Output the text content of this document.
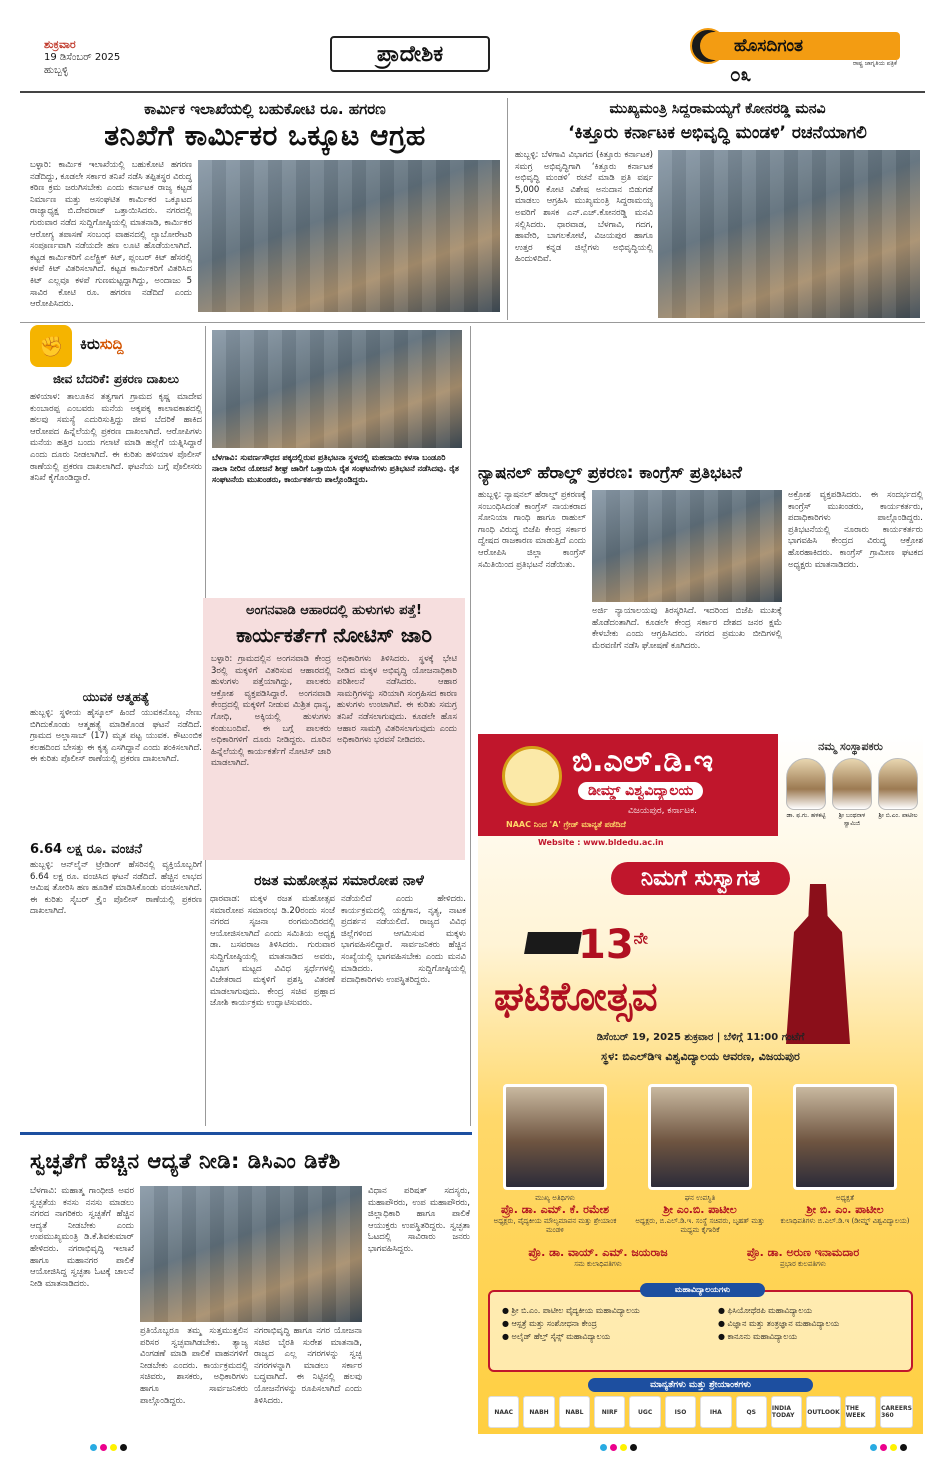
ಶುಕ್ರವಾರ
19 ಡಿಸೆಂಬರ್ 2025
ಹುಬ್ಬಳ್ಳಿ
ಪ್ರಾದೇಶಿಕ	ಹೊಸದಿಗಂತ
ರಾಷ್ಟ್ರ ಜಾಗೃತಿಯ ಪತ್ರಿಕೆ
೦೩
ಕಾರ್ಮಿಕ ಇಲಾಖೆಯಲ್ಲಿ ಬಹುಕೋಟಿ ರೂ. ಹಗರಣ
ತನಿಖೆಗೆ ಕಾರ್ಮಿಕರ ಒಕ್ಕೂಟ ಆಗ್ರಹ
ಬಳ್ಳಾರಿ: ಕಾರ್ಮಿಕ ಇಲಾಖೆಯಲ್ಲಿ ಬಹುಕೋಟಿ ಹಗರಣ ನಡೆದಿದ್ದು, ಕೂಡಲೇ ಸರ್ಕಾರ ತನಿಖೆ ನಡೆಸಿ ತಪ್ಪಿತಸ್ಥರ ವಿರುದ್ಧ ಕಠಿಣ ಕ್ರಮ ಜರುಗಿಸಬೇಕು ಎಂದು ಕರ್ನಾಟಕ ರಾಜ್ಯ ಕಟ್ಟಡ ನಿರ್ಮಾಣ ಮತ್ತು ಅಸಂಘಟಿತ ಕಾರ್ಮಿಕರ ಒಕ್ಕೂಟದ ರಾಜ್ಯಾಧ್ಯಕ್ಷ ಬಿ.ದೇವರಾಜ್ ಒತ್ತಾಯಿಸಿದರು. ನಗರದಲ್ಲಿ ಗುರುವಾರ ನಡೆದ ಸುದ್ದಿಗೋಷ್ಠಿಯಲ್ಲಿ ಮಾತನಾಡಿ, ಕಾರ್ಮಿಕರ ಆರೋಗ್ಯ ತಪಾಸಣೆ ಸಂಬಂಧ ವಾಹನದಲ್ಲಿ ಲ್ಯಾಬೋರೇಟರಿ ಸಂಪೂರ್ಣವಾಗಿ ನಡೆಯದೇ ಹಣ ಲೂಟಿ ಹೊಡೆಯಲಾಗಿದೆ. ಕಟ್ಟಡ ಕಾರ್ಮಿಕರಿಗೆ ಎಲೆಕ್ಟ್ರಿಕ್ ಕಿಟ್, ಪ್ಲಂಬರ್ ಕಿಟ್ ಹೆಸರಲ್ಲಿ ಕಳಪೆ ಕಿಟ್ ವಿತರಿಸಲಾಗಿದೆ. ಕಟ್ಟಡ ಕಾರ್ಮಿಕರಿಗೆ ವಿತರಿಸಿದ ಕಿಟ್ ಎಲ್ಲವೂ ಕಳಪೆ ಗುಣಮಟ್ಟದ್ದಾಗಿದ್ದು, ಅಂದಾಜು 5 ಸಾವಿರ ಕೋಟಿ ರೂ. ಹಗರಣ ನಡೆದಿದೆ ಎಂದು ಆರೋಪಿಸಿದರು.
ಮುಖ್ಯಮಂತ್ರಿ ಸಿದ್ದರಾಮಯ್ಯಗೆ ಕೋನರಡ್ಡಿ ಮನವಿ
‘ಕಿತ್ತೂರು ಕರ್ನಾಟಕ ಅಭಿವೃದ್ಧಿ ಮಂಡಳಿ’ ರಚನೆಯಾಗಲಿ
ಹುಬ್ಬಳ್ಳಿ: ಬೆಳಗಾವಿ ವಿಭಾಗದ (ಕಿತ್ತೂರು ಕರ್ನಾಟಕ) ಸಮಗ್ರ ಅಭಿವೃದ್ಧಿಗಾಗಿ ‘ಕಿತ್ತೂರು ಕರ್ನಾಟಕ ಅಭಿವೃದ್ಧಿ ಮಂಡಳಿ’ ರಚನೆ ಮಾಡಿ ಪ್ರತಿ ವರ್ಷ 5,000 ಕೋಟಿ ವಿಶೇಷ ಅನುದಾನ ಬಿಡುಗಡೆ ಮಾಡಲು ಆಗ್ರಹಿಸಿ ಮುಖ್ಯಮಂತ್ರಿ ಸಿದ್ದರಾಮಯ್ಯ ಅವರಿಗೆ ಶಾಸಕ ಎನ್.ಎಚ್.ಕೋನರಡ್ಡಿ ಮನವಿ ಸಲ್ಲಿಸಿದರು. ಧಾರವಾಡ, ಬೆಳಗಾವಿ, ಗದಗ, ಹಾವೇರಿ, ಬಾಗಲಕೋಟೆ, ವಿಜಯಪುರ ಹಾಗೂ ಉತ್ತರ ಕನ್ನಡ ಜಿಲ್ಲೆಗಳು ಅಭಿವೃದ್ಧಿಯಲ್ಲಿ ಹಿಂದುಳಿದಿವೆ.
✊	ಕಿರುಸುದ್ದಿ
ಜೀವ ಬೆದರಿಕೆ: ಪ್ರಕರಣ ದಾಖಲು
ಹಳಿಯಾಳ: ತಾಲೂಕಿನ ತತ್ವಗಾಗ ಗ್ರಾಮದ ಕೃಷ್ಣ ಮಾದೇವ ಕುಂಬಾರಪ್ಪ ಎಂಬವರು ಮನೆಯ ಅಕ್ಕಪಕ್ಕ ಕಾಲಾವಕಾಶದಲ್ಲಿ ಹಲವು ಸಮಸ್ಯೆ ಎದುರಿಸುತ್ತಿದ್ದು ಜೀವ ಬೆದರಿಕೆ ಹಾಕಿದ ಆರೋಪದ ಹಿನ್ನೆಲೆಯಲ್ಲಿ ಪ್ರಕರಣ ದಾಖಲಾಗಿದೆ. ಆರೋಪಿಗಳು ಮನೆಯ ಹತ್ತಿರ ಬಂದು ಗಲಾಟೆ ಮಾಡಿ ಹಲ್ಲೆಗೆ ಯತ್ನಿಸಿದ್ದಾರೆ ಎಂದು ದೂರು ನೀಡಲಾಗಿದೆ. ಈ ಕುರಿತು ಹಳಿಯಾಳ ಪೊಲೀಸ್ ಠಾಣೆಯಲ್ಲಿ ಪ್ರಕರಣ ದಾಖಲಾಗಿದೆ. ಘಟನೆಯ ಬಗ್ಗೆ ಪೊಲೀಸರು ತನಿಖೆ ಕೈಗೊಂಡಿದ್ದಾರೆ.
ಯುವಕ ಆತ್ಮಹತ್ಯೆ
ಹುಬ್ಬಳ್ಳಿ: ಸ್ಥಳೀಯ ಹೈಸ್ಕೂಲ್ ಹಿಂದೆ ಯುವಕನೊಬ್ಬ ನೇಣು ಬಿಗಿದುಕೊಂಡು ಆತ್ಮಹತ್ಯೆ ಮಾಡಿಕೊಂಡ ಘಟನೆ ನಡೆದಿದೆ. ಗ್ರಾಮದ ಅಲ್ಲಾಸಾಬ್ (17) ಮೃತ ಪಟ್ಟ ಯುವಕ. ಕೌಟುಂಬಿಕ ಕಲಹದಿಂದ ಬೇಸತ್ತು ಈ ಕೃತ್ಯ ಎಸಗಿದ್ದಾನೆ ಎಂದು ಶಂಕಿಸಲಾಗಿದೆ. ಈ ಕುರಿತು ಪೊಲೀಸ್ ಠಾಣೆಯಲ್ಲಿ ಪ್ರಕರಣ ದಾಖಲಾಗಿದೆ.
6.64 ಲಕ್ಷ ರೂ. ವಂಚನೆ
ಹುಬ್ಬಳ್ಳಿ: ಆನ್‌ಲೈನ್ ಟ್ರೇಡಿಂಗ್ ಹೆಸರಿನಲ್ಲಿ ವ್ಯಕ್ತಿಯೊಬ್ಬರಿಗೆ 6.64 ಲಕ್ಷ ರೂ. ವಂಚಿಸಿದ ಘಟನೆ ನಡೆದಿದೆ. ಹೆಚ್ಚಿನ ಲಾಭದ ಆಮಿಷ ತೋರಿಸಿ ಹಣ ಹೂಡಿಕೆ ಮಾಡಿಸಿಕೊಂಡು ವಂಚಿಸಲಾಗಿದೆ. ಈ ಕುರಿತು ಸೈಬರ್ ಕ್ರೈಂ ಪೊಲೀಸ್ ಠಾಣೆಯಲ್ಲಿ ಪ್ರಕರಣ ದಾಖಲಾಗಿದೆ.
ಬೆಳಗಾವಿ: ಸುವರ್ಣಸೌಧದ ಪಕ್ಕದಲ್ಲಿರುವ ಪ್ರತಿಭಟನಾ ಸ್ಥಳದಲ್ಲಿ ಮಹದಾಯಿ ಕಳಸಾ ಬಂಡೂರಿ ನಾಲಾ ನೀರಿನ ಯೋಜನೆ ಶೀಘ್ರ ಜಾರಿಗೆ ಒತ್ತಾಯಿಸಿ ರೈತ ಸಂಘಟನೆಗಳು ಪ್ರತಿಭಟನೆ ನಡೆಸಿದವು. ರೈತ ಸಂಘಟನೆಯ ಮುಖಂಡರು, ಕಾರ್ಯಕರ್ತರು ಪಾಲ್ಗೊಂಡಿದ್ದರು.
ಅಂಗನವಾಡಿ ಆಹಾರದಲ್ಲಿ ಹುಳುಗಳು ಪತ್ತೆ!
ಕಾರ್ಯಕರ್ತೆಗೆ ನೋಟಿಸ್ ಜಾರಿ
ಬಳ್ಳಾರಿ: ಗ್ರಾಮದಲ್ಲಿನ ಅಂಗನವಾಡಿ ಕೇಂದ್ರ 3ರಲ್ಲಿ ಮಕ್ಕಳಿಗೆ ವಿತರಿಸುವ ಆಹಾರದಲ್ಲಿ ಹುಳುಗಳು ಪತ್ತೆಯಾಗಿದ್ದು, ಪಾಲಕರು ಆಕ್ರೋಶ ವ್ಯಕ್ತಪಡಿಸಿದ್ದಾರೆ. ಅಂಗನವಾಡಿ ಕೇಂದ್ರದಲ್ಲಿ ಮಕ್ಕಳಿಗೆ ನೀಡುವ ಮಿಶ್ರಿತ ಧಾನ್ಯ, ಗೋಧಿ, ಅಕ್ಕಿಯಲ್ಲಿ ಹುಳುಗಳು ಕಂಡುಬಂದಿವೆ. ಈ ಬಗ್ಗೆ ಪಾಲಕರು ಅಧಿಕಾರಿಗಳಿಗೆ ದೂರು ನೀಡಿದ್ದರು. ದೂರಿನ ಹಿನ್ನೆಲೆಯಲ್ಲಿ ಕಾರ್ಯಕರ್ತೆಗೆ ನೋಟಿಸ್ ಜಾರಿ ಮಾಡಲಾಗಿದೆ.
ಅಧಿಕಾರಿಗಳು ತಿಳಿಸಿದರು. ಸ್ಥಳಕ್ಕೆ ಭೇಟಿ ನೀಡಿದ ಮಕ್ಕಳ ಅಭಿವೃದ್ಧಿ ಯೋಜನಾಧಿಕಾರಿ ಪರಿಶೀಲನೆ ನಡೆಸಿದರು. ಆಹಾರ ಸಾಮಗ್ರಿಗಳನ್ನು ಸರಿಯಾಗಿ ಸಂಗ್ರಹಿಸದ ಕಾರಣ ಹುಳುಗಳು ಉಂಟಾಗಿವೆ. ಈ ಕುರಿತು ಸಮಗ್ರ ತನಿಖೆ ನಡೆಸಲಾಗುವುದು. ಕೂಡಲೇ ಹೊಸ ಆಹಾರ ಸಾಮಗ್ರಿ ವಿತರಿಸಲಾಗುವುದು ಎಂದು ಅಧಿಕಾರಿಗಳು ಭರವಸೆ ನೀಡಿದರು.
ರಜತ ಮಹೋತ್ಸವ ಸಮಾರೋಪ ನಾಳೆ
ಧಾರವಾಡ: ಮಕ್ಕಳ ರಜತ ಮಹೋತ್ಸವ ಸಮಾರೋಪ ಸಮಾರಂಭ ಡಿ.20ರಂದು ಸಂಜೆ ನಗರದ ಸೃಜನಾ ರಂಗಮಂದಿರದಲ್ಲಿ ಆಯೋಜಿಸಲಾಗಿದೆ ಎಂದು ಸಮಿತಿಯ ಅಧ್ಯಕ್ಷ ಡಾ. ಬಸವರಾಜ ತಿಳಿಸಿದರು. ಗುರುವಾರ ಸುದ್ದಿಗೋಷ್ಠಿಯಲ್ಲಿ ಮಾತನಾಡಿದ ಅವರು, ವಿಭಾಗ ಮಟ್ಟದ ವಿವಿಧ ಸ್ಪರ್ಧೆಗಳಲ್ಲಿ ವಿಜೇತರಾದ ಮಕ್ಕಳಿಗೆ ಪ್ರಶಸ್ತಿ ವಿತರಣೆ ಮಾಡಲಾಗುವುದು. ಕೇಂದ್ರ ಸಚಿವ ಪ್ರಹ್ಲಾದ ಜೋಶಿ ಕಾರ್ಯಕ್ರಮ ಉದ್ಘಾಟಿಸುವರು.
ನಡೆಯಲಿದೆ ಎಂದು ಹೇಳಿದರು. ಕಾರ್ಯಕ್ರಮದಲ್ಲಿ ಯಕ್ಷಗಾನ, ನೃತ್ಯ, ನಾಟಕ ಪ್ರದರ್ಶನ ನಡೆಯಲಿದೆ. ರಾಜ್ಯದ ವಿವಿಧ ಜಿಲ್ಲೆಗಳಿಂದ ಆಗಮಿಸುವ ಮಕ್ಕಳು ಭಾಗವಹಿಸಲಿದ್ದಾರೆ. ಸಾರ್ವಜನಿಕರು ಹೆಚ್ಚಿನ ಸಂಖ್ಯೆಯಲ್ಲಿ ಭಾಗವಹಿಸಬೇಕು ಎಂದು ಮನವಿ ಮಾಡಿದರು. ಸುದ್ದಿಗೋಷ್ಠಿಯಲ್ಲಿ ಪದಾಧಿಕಾರಿಗಳು ಉಪಸ್ಥಿತರಿದ್ದರು.
ನ್ಯಾಷನಲ್ ಹೆರಾಲ್ಡ್ ಪ್ರಕರಣ: ಕಾಂಗ್ರೆಸ್ ಪ್ರತಿಭಟನೆ
ಹುಬ್ಬಳ್ಳಿ: ನ್ಯಾಷನಲ್ ಹೆರಾಲ್ಡ್ ಪ್ರಕರಣಕ್ಕೆ ಸಂಬಂಧಿಸಿದಂತೆ ಕಾಂಗ್ರೆಸ್ ನಾಯಕರಾದ ಸೋನಿಯಾ ಗಾಂಧಿ ಹಾಗೂ ರಾಹುಲ್ ಗಾಂಧಿ ವಿರುದ್ಧ ಬಿಜೆಪಿ ಕೇಂದ್ರ ಸರ್ಕಾರ ದ್ವೇಷದ ರಾಜಕಾರಣ ಮಾಡುತ್ತಿದೆ ಎಂದು ಆರೋಪಿಸಿ ಜಿಲ್ಲಾ ಕಾಂಗ್ರೆಸ್ ಸಮಿತಿಯಿಂದ ಪ್ರತಿಭಟನೆ ನಡೆಯಿತು.
ಅರ್ಜಿ ನ್ಯಾಯಾಲಯವು ತಿರಸ್ಕರಿಸಿದೆ. ಇದರಿಂದ ಬಿಜೆಪಿ ಮುಖಕ್ಕೆ ಹೊಡೆದಂತಾಗಿದೆ. ಕೂಡಲೇ ಕೇಂದ್ರ ಸರ್ಕಾರ ದೇಶದ ಜನರ ಕ್ಷಮೆ ಕೇಳಬೇಕು ಎಂದು ಆಗ್ರಹಿಸಿದರು. ನಗರದ ಪ್ರಮುಖ ಬೀದಿಗಳಲ್ಲಿ ಮೆರವಣಿಗೆ ನಡೆಸಿ ಘೋಷಣೆ ಕೂಗಿದರು.
ಅಕ್ರೋಶ ವ್ಯಕ್ತಪಡಿಸಿದರು. ಈ ಸಂದರ್ಭದಲ್ಲಿ ಕಾಂಗ್ರೆಸ್ ಮುಖಂಡರು, ಕಾರ್ಯಕರ್ತರು, ಪದಾಧಿಕಾರಿಗಳು ಪಾಲ್ಗೊಂಡಿದ್ದರು. ಪ್ರತಿಭಟನೆಯಲ್ಲಿ ನೂರಾರು ಕಾರ್ಯಕರ್ತರು ಭಾಗವಹಿಸಿ ಕೇಂದ್ರದ ವಿರುದ್ಧ ಆಕ್ರೋಶ ಹೊರಹಾಕಿದರು. ಕಾಂಗ್ರೆಸ್ ಗ್ರಾಮೀಣ ಘಟಕದ ಅಧ್ಯಕ್ಷರು ಮಾತನಾಡಿದರು.
ಸ್ವಚ್ಛತೆಗೆ ಹೆಚ್ಚಿನ ಆದ್ಯತೆ ನೀಡಿ: ಡಿಸಿಎಂ ಡಿಕೆಶಿ
ಬೆಳಗಾವಿ: ಮಹಾತ್ಮ ಗಾಂಧೀಜಿ ಅವರ ಸ್ವಚ್ಛತೆಯ ಕನಸು ನನಸು ಮಾಡಲು ನಗರದ ನಾಗರಿಕರು ಸ್ವಚ್ಛತೆಗೆ ಹೆಚ್ಚಿನ ಆದ್ಯತೆ ನೀಡಬೇಕು ಎಂದು ಉಪಮುಖ್ಯಮಂತ್ರಿ ಡಿ.ಕೆ.ಶಿವಕುಮಾರ್ ಹೇಳಿದರು. ನಗರಾಭಿವೃದ್ಧಿ ಇಲಾಖೆ ಹಾಗೂ ಮಹಾನಗರ ಪಾಲಿಕೆ ಆಯೋಜಿಸಿದ್ದ ಸ್ವಚ್ಛತಾ ಓಟಕ್ಕೆ ಚಾಲನೆ ನೀಡಿ ಮಾತನಾಡಿದರು.
ಪ್ರತಿಯೊಬ್ಬರೂ ತಮ್ಮ ಸುತ್ತಮುತ್ತಲಿನ ಪರಿಸರ ಸ್ವಚ್ಛವಾಗಿಡಬೇಕು. ತ್ಯಾಜ್ಯ ವಿಂಗಡಣೆ ಮಾಡಿ ಪಾಲಿಕೆ ವಾಹನಗಳಿಗೆ ನೀಡಬೇಕು ಎಂದರು. ಕಾರ್ಯಕ್ರಮದಲ್ಲಿ ಸಚಿವರು, ಶಾಸಕರು, ಅಧಿಕಾರಿಗಳು ಹಾಗೂ ಸಾರ್ವಜನಿಕರು ಪಾಲ್ಗೊಂಡಿದ್ದರು.
ನಗರಾಭಿವೃದ್ಧಿ ಹಾಗೂ ನಗರ ಯೋಜನಾ ಸಚಿವ ಬೈರತಿ ಸುರೇಶ ಮಾತನಾಡಿ, ರಾಜ್ಯದ ಎಲ್ಲ ನಗರಗಳನ್ನು ಸ್ವಚ್ಛ ನಗರಗಳನ್ನಾಗಿ ಮಾಡಲು ಸರ್ಕಾರ ಬದ್ಧವಾಗಿದೆ. ಈ ನಿಟ್ಟಿನಲ್ಲಿ ಹಲವು ಯೋಜನೆಗಳನ್ನು ರೂಪಿಸಲಾಗಿದೆ ಎಂದು ತಿಳಿಸಿದರು.
ವಿಧಾನ ಪರಿಷತ್ ಸದಸ್ಯರು, ಮಹಾಪೌರರು, ಉಪ ಮಹಾಪೌರರು, ಜಿಲ್ಲಾಧಿಕಾರಿ ಹಾಗೂ ಪಾಲಿಕೆ ಆಯುಕ್ತರು ಉಪಸ್ಥಿತರಿದ್ದರು. ಸ್ವಚ್ಛತಾ ಓಟದಲ್ಲಿ ಸಾವಿರಾರು ಜನರು ಭಾಗವಹಿಸಿದ್ದರು.
ಬಿ.ಎಲ್.ಡಿ.ಇ
ಡೀಮ್ಡ್ ವಿಶ್ವವಿದ್ಯಾಲಯ
ವಿಜಯಪುರ, ಕರ್ನಾಟಕ.
NAAC ನಿಂದ 'A' ಗ್ರೇಡ್ ಮಾನ್ಯತೆ ಪಡೆದಿದೆ
Website : www.bldedu.ac.in
ನಮ್ಮ ಸಂಸ್ಥಾಪಕರು
ಡಾ. ಫ.ಗು. ಹಳಕಟ್ಟಿ	ಶ್ರೀ ಬಂಥನಾಳ ಸ್ವಾಮಿಜಿ
ಶ್ರೀ ಬಿ.ಎಂ. ಪಾಟೀಲ
ನಿಮಗೆ ಸುಸ್ವಾಗತ
$13^{ನೇ}$
ಘಟಿಕೋತ್ಸವ
ಡಿಸೆಂಬರ್ 19, 2025 ಶುಕ್ರವಾರ | ಬೆಳಿಗ್ಗೆ 11:00 ಗಂಟೆಗೆ
ಸ್ಥಳ: ಬಿಎಲ್‌ಡಿಇ ವಿಶ್ವವಿದ್ಯಾಲಯ ಆವರಣ, ವಿಜಯಪುರ
ಮುಖ್ಯ ಅತಿಥಿಗಳು
ಪ್ರೊ. ಡಾ. ಎಮ್. ಕೆ. ರಮೇಶ
ಅಧ್ಯಕ್ಷರು, ವೈದ್ಯಕೀಯ ಮೌಲ್ಯಮಾಪನ ಮತ್ತು ಶ್ರೇಯಾಂಕ ಮಂಡಳಿ
ಘನ ಉಪಸ್ಥಿತಿ
ಶ್ರೀ ಎಂ.ಬಿ. ಪಾಟೀಲ
ಅಧ್ಯಕ್ಷರು, ಬಿ.ಎಲ್.ಡಿ.ಇ. ಸಂಸ್ಥೆ ಸಚಿವರು, ಬೃಹತ್ ಮತ್ತು ಮಧ್ಯಮ ಕೈಗಾರಿಕೆ
ಅಧ್ಯಕ್ಷತೆ
ಶ್ರೀ ಬಿ. ಎಂ. ಪಾಟೀಲ
ಕುಲಾಧಿಪತಿಗಳು ಬಿ.ಎಲ್.ಡಿ.ಇ (ಡೀಮ್ಡ್ ವಿಶ್ವವಿದ್ಯಾಲಯ)
ಪ್ರೊ. ಡಾ. ವಾಯ್. ಎಮ್. ಜಯರಾಜ
ಸಮ ಕುಲಾಧಿಪತಿಗಳು
ಪ್ರೊ. ಡಾ. ಅರುಣ ಇನಾಮದಾರ
ಪ್ರಭಾರ ಕುಲಪತಿಗಳು
ಮಹಾವಿದ್ಯಾಲಯಗಳು
● ಶ್ರೀ ಬಿ.ಎಂ. ಪಾಟೀಲ ವೈದ್ಯಕೀಯ ಮಹಾವಿದ್ಯಾಲಯ
● ಆಸ್ಪತ್ರೆ ಮತ್ತು ಸಂಶೋಧನಾ ಕೇಂದ್ರ
● ಅಲೈಡ್ ಹೆಲ್ತ್ ಸೈನ್ಸ್ ಮಹಾವಿದ್ಯಾಲಯ
● ಫಿಸಿಯೋಥೆರಪಿ ಮಹಾವಿದ್ಯಾಲಯ
● ವಿಜ್ಞಾನ ಮತ್ತು ತಂತ್ರಜ್ಞಾನ ಮಹಾವಿದ್ಯಾಲಯ
● ಕಾನೂನು ಮಹಾವಿದ್ಯಾಲಯ
ಮಾನ್ಯತೆಗಳು ಮತ್ತು ಶ್ರೇಯಾಂಕಗಳು
NAAC	NABH	NABL	NIRF	UGC	ISO	IHA	QS	INDIA TODAY	OUTLOOK THE WEEK
CAREERS 360
